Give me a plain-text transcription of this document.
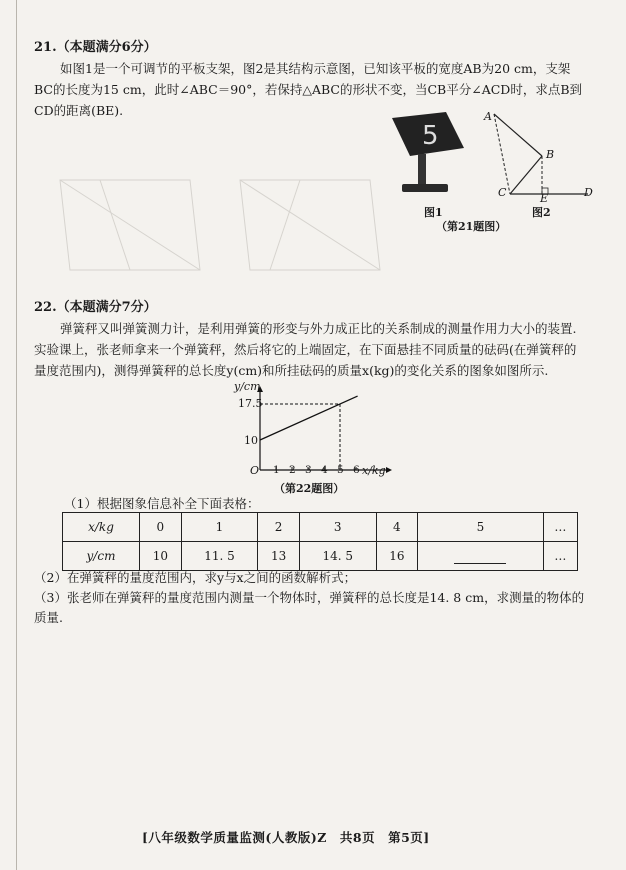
21.（本题满分6分）

如图1是一个可调节的平板支架，图2是其结构示意图，已知该平板的宽度AB为20 cm，支架BC的长度为15 cm，此时∠ABC＝90°，若保持△ABC的形状不变，当CB平分∠ACD时，求点B到CD的距离(BE).

5
图1
A
B
C	E	D
图2
（第21题图）
22.（本题满分7分）

弹簧秤又叫弹簧测力计，是利用弹簧的形变与外力成正比的关系制成的测量作用力大小的装置.实验课上，张老师拿来一个弹簧秤，然后将它的上端固定，在下面悬挂不同质量的砝码(在弹簧秤的量度范围内)，测得弹簧秤的总长度y(cm)和所挂砝码的质量x(kg)的变化关系的图象如图所示.

y/cm
x/kg
O
17.5
10
1 2 3 4 5 6
（第22题图）
（1）根据图象信息补全下面表格：
x/kg	0	1	2	3	4	5	…
y/cm	10	11. 5	13	14. 5	16		…

（2）在弹簧秤的量度范围内，求y与x之间的函数解析式；

（3）张老师在弹簧秤的量度范围内测量一个物体时，弹簧秤的总长度是14. 8 cm，求测量的物体的质量.

[八年级数学质量监测(人教版)Z　共8页　第5页]
